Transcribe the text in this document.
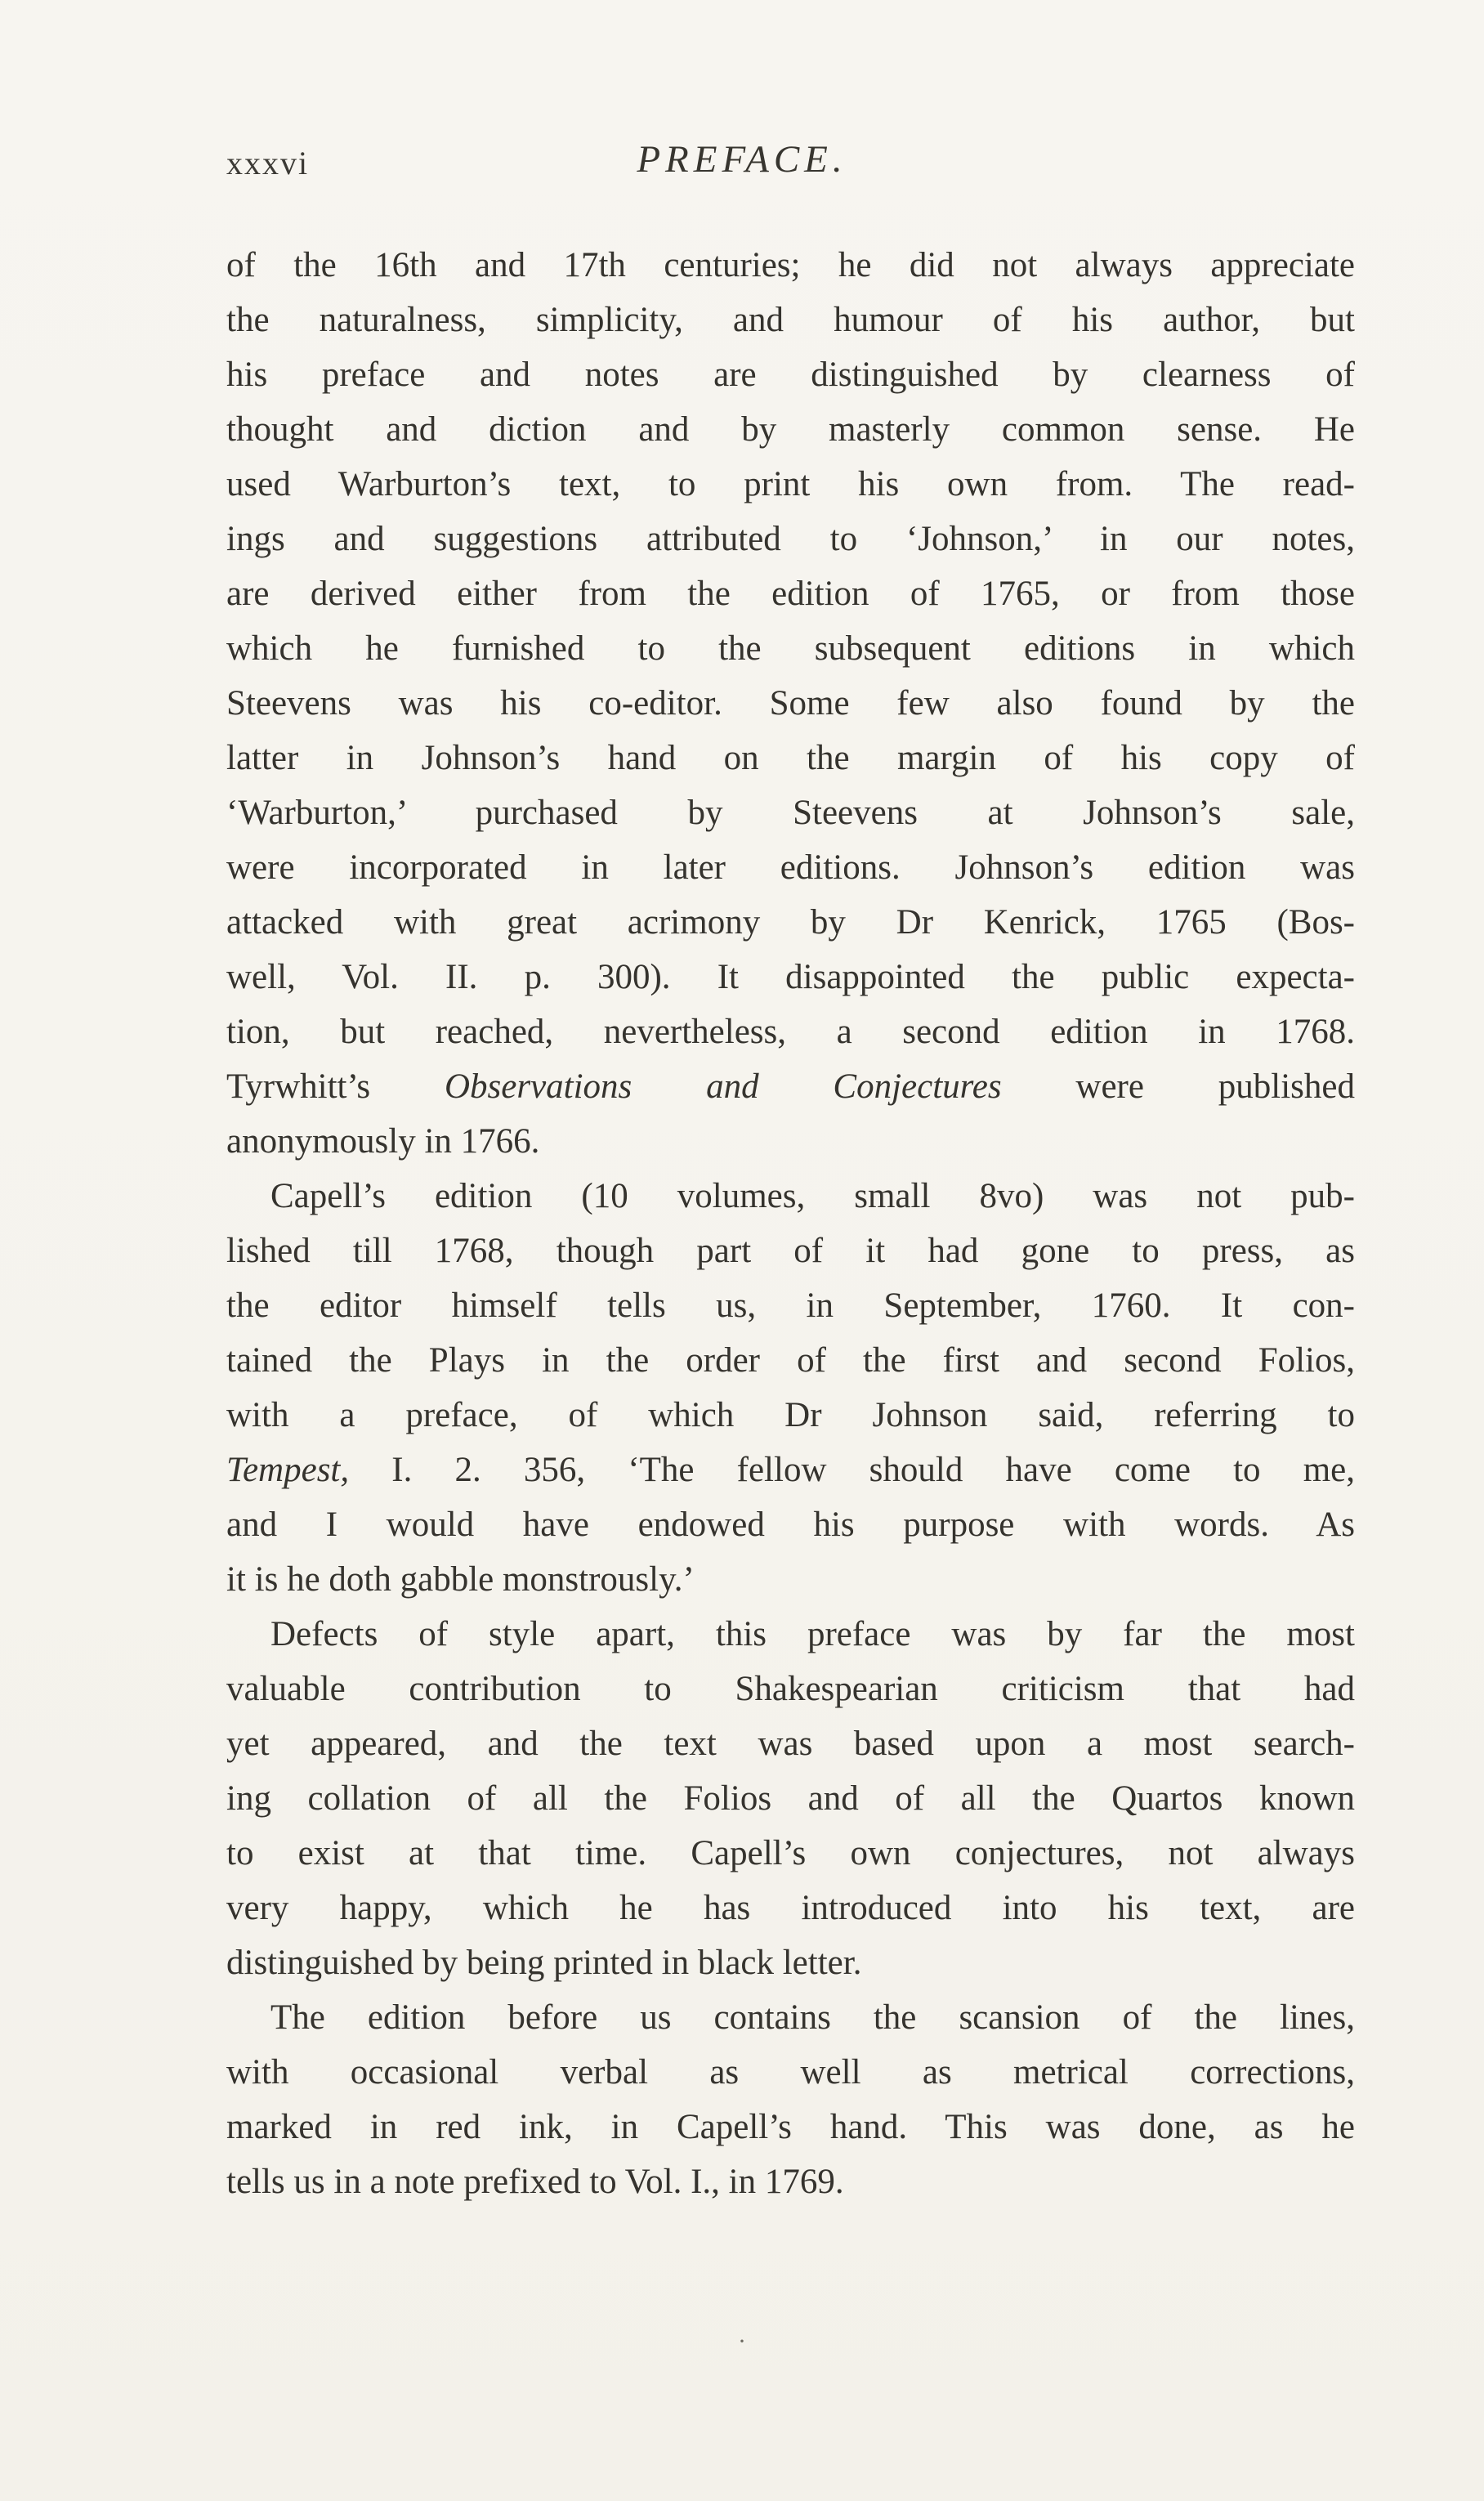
xxxvi	PREFACE.
of the 16th and 17th centuries; he did not always appreciate
the naturalness, simplicity, and humour of his author, but
his preface and notes are distinguished by clearness of
thought and diction and by masterly common sense. He
used Warburton’s text, to print his own from. The read-
ings and suggestions attributed to ‘Johnson,’ in our notes,
are derived either from the edition of 1765, or from those
which he furnished to the subsequent editions in which
Steevens was his co-editor. Some few also found by the
latter in Johnson’s hand on the margin of his copy of
‘Warburton,’ purchased by Steevens at Johnson’s sale,
were incorporated in later editions. Johnson’s edition was
attacked with great acrimony by Dr Kenrick, 1765 (Bos-
well, Vol. II. p. 300). It disappointed the public expecta-
tion, but reached, nevertheless, a second edition in 1768.
Tyrwhitt’s Observations and Conjectures were published
anonymously in 1766.
Capell’s edition (10 volumes, small 8vo) was not pub-
lished till 1768, though part of it had gone to press, as
the editor himself tells us, in September, 1760. It con-
tained the Plays in the order of the first and second Folios,
with a preface, of which Dr Johnson said, referring to
Tempest, I. 2. 356, ‘The fellow should have come to me,
and I would have endowed his purpose with words. As
it is he doth gabble monstrously.’
Defects of style apart, this preface was by far the most
valuable contribution to Shakespearian criticism that had
yet appeared, and the text was based upon a most search-
ing collation of all the Folios and of all the Quartos known
to exist at that time. Capell’s own conjectures, not always
very happy, which he has introduced into his text, are
distinguished by being printed in black letter.
The edition before us contains the scansion of the lines,
with occasional verbal as well as metrical corrections,
marked in red ink, in Capell’s hand. This was done, as he
tells us in a note prefixed to Vol. I., in 1769.
·
